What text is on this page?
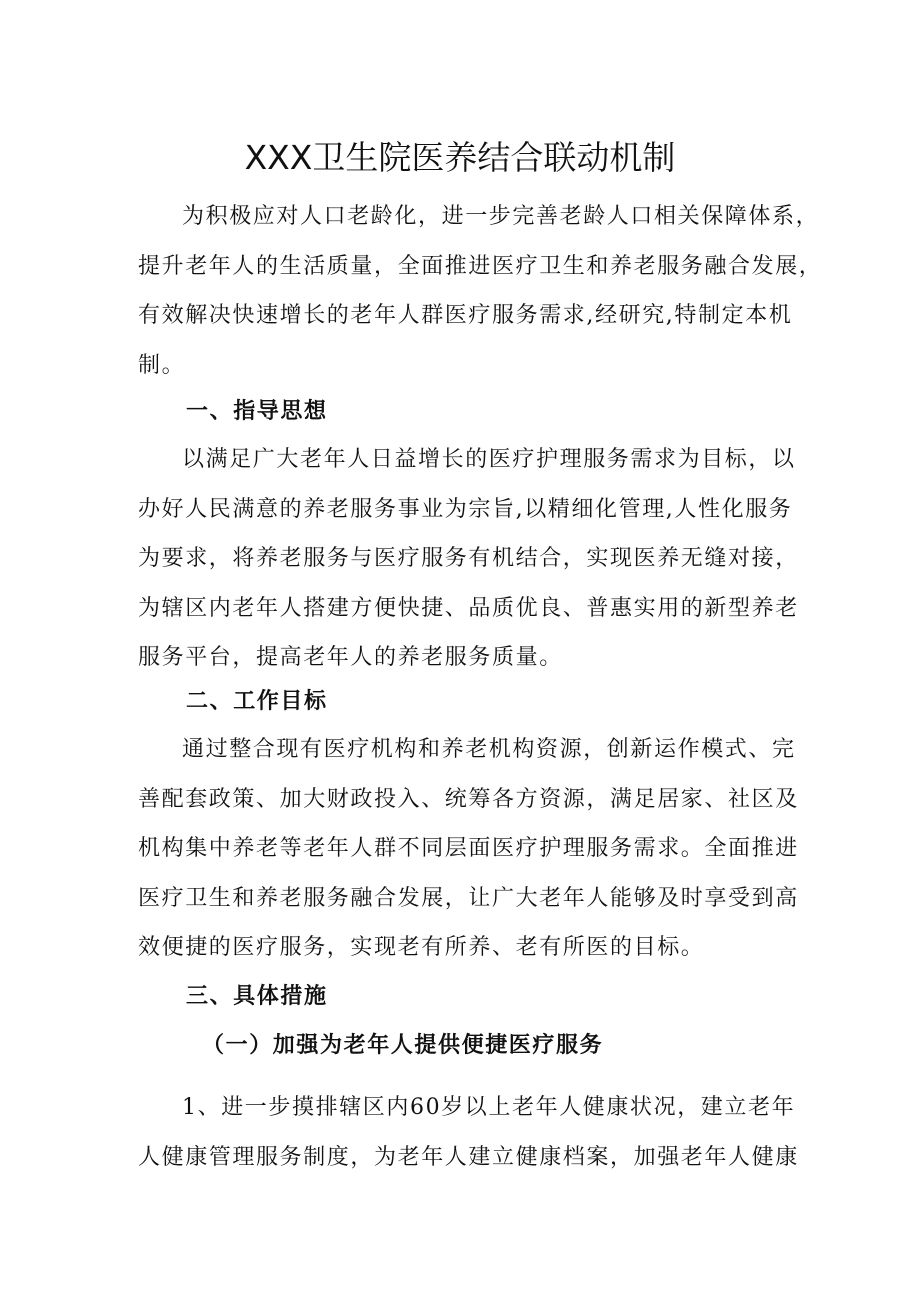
XXX卫生院医养结合联动机制
为积极应对人口老龄化，进一步完善老龄人口相关保障体系，
提升老年人的生活质量，全面推进医疗卫生和养老服务融合发展，
有效解决快速增长的老年人群医疗服务需求,经研究,特制定本机
制。
一、指导思想
以满足广大老年人日益增长的医疗护理服务需求为目标，以
办好人民满意的养老服务事业为宗旨,以精细化管理,人性化服务
为要求，将养老服务与医疗服务有机结合，实现医养无缝对接，
为辖区内老年人搭建方便快捷、品质优良、普惠实用的新型养老
服务平台，提高老年人的养老服务质量。
二、工作目标
通过整合现有医疗机构和养老机构资源，创新运作模式、完
善配套政策、加大财政投入、统筹各方资源，满足居家、社区及
机构集中养老等老年人群不同层面医疗护理服务需求。全面推进
医疗卫生和养老服务融合发展，让广大老年人能够及时享受到高
效便捷的医疗服务，实现老有所养、老有所医的目标。
三、具体措施
（一）加强为老年人提供便捷医疗服务
1、进一步摸排辖区内60岁以上老年人健康状况，建立老年
人健康管理服务制度，为老年人建立健康档案，加强老年人健康
